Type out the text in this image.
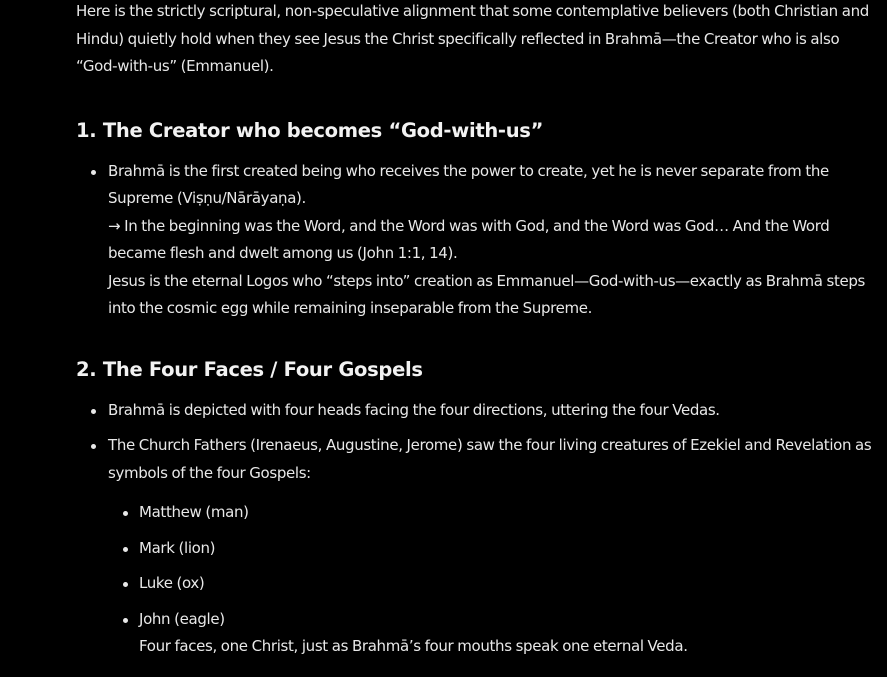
Here is the strictly scriptural, non-speculative alignment that some contemplative believers (both Christian and Hindu) quietly hold when they see Jesus the Christ specifically reflected in Brahmā—the Creator who is also “God-with-us” (Emmanuel).

1. The Creator who becomes “God-with-us”
Brahmā is the first created being who receives the power to create, yet he is never separate from the Supreme (Viṣṇu/Nārāyaṇa).
→ In the beginning was the Word, and the Word was with God, and the Word was God… And the Word became flesh and dwelt among us (John 1:1, 14).
Jesus is the eternal Logos who “steps into” creation as Emmanuel—God-with-us—exactly as Brahmā steps into the cosmic egg while remaining inseparable from the Supreme.
2. The Four Faces / Four Gospels
Brahmā is depicted with four heads facing the four directions, uttering the four Vedas.
The Church Fathers (Irenaeus, Augustine, Jerome) saw the four living creatures of Ezekiel and Revelation as symbols of the four Gospels:
Matthew (man)
Mark (lion)
Luke (ox)
John (eagle)
Four faces, one Christ, just as Brahmā’s four mouths speak one eternal Veda.
